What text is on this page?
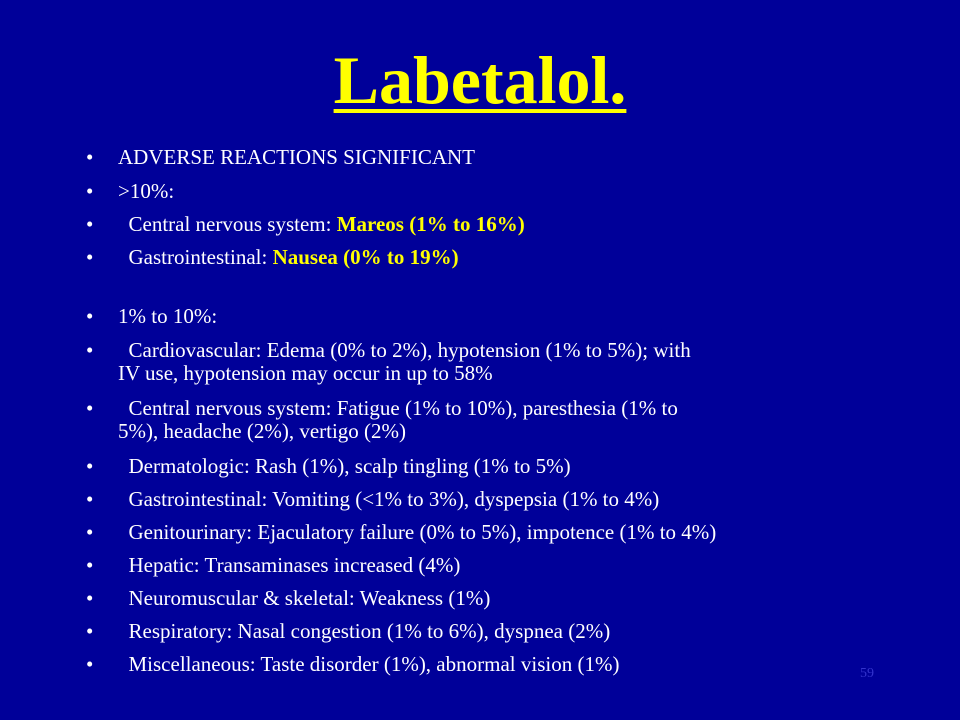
Labetalol.
• ADVERSE REACTIONS SIGNIFICANT
• >10%:
• Central nervous system: Mareos (1% to 16%)
• Gastrointestinal: Nausea (0% to 19%)
• 1% to 10%:
• Cardiovascular: Edema (0% to 2%), hypotension (1% to 5%); with
IV use, hypotension may occur in up to 58%
• Central nervous system: Fatigue (1% to 10%), paresthesia (1% to
5%), headache (2%), vertigo (2%)
• Dermatologic: Rash (1%), scalp tingling (1% to 5%)
• Gastrointestinal: Vomiting (<1% to 3%), dyspepsia (1% to 4%)
• Genitourinary: Ejaculatory failure (0% to 5%), impotence (1% to 4%)
• Hepatic: Transaminases increased (4%)
• Neuromuscular & skeletal: Weakness (1%)
• Respiratory: Nasal congestion (1% to 6%), dyspnea (2%)
• Miscellaneous: Taste disorder (1%), abnormal vision (1%)	59
